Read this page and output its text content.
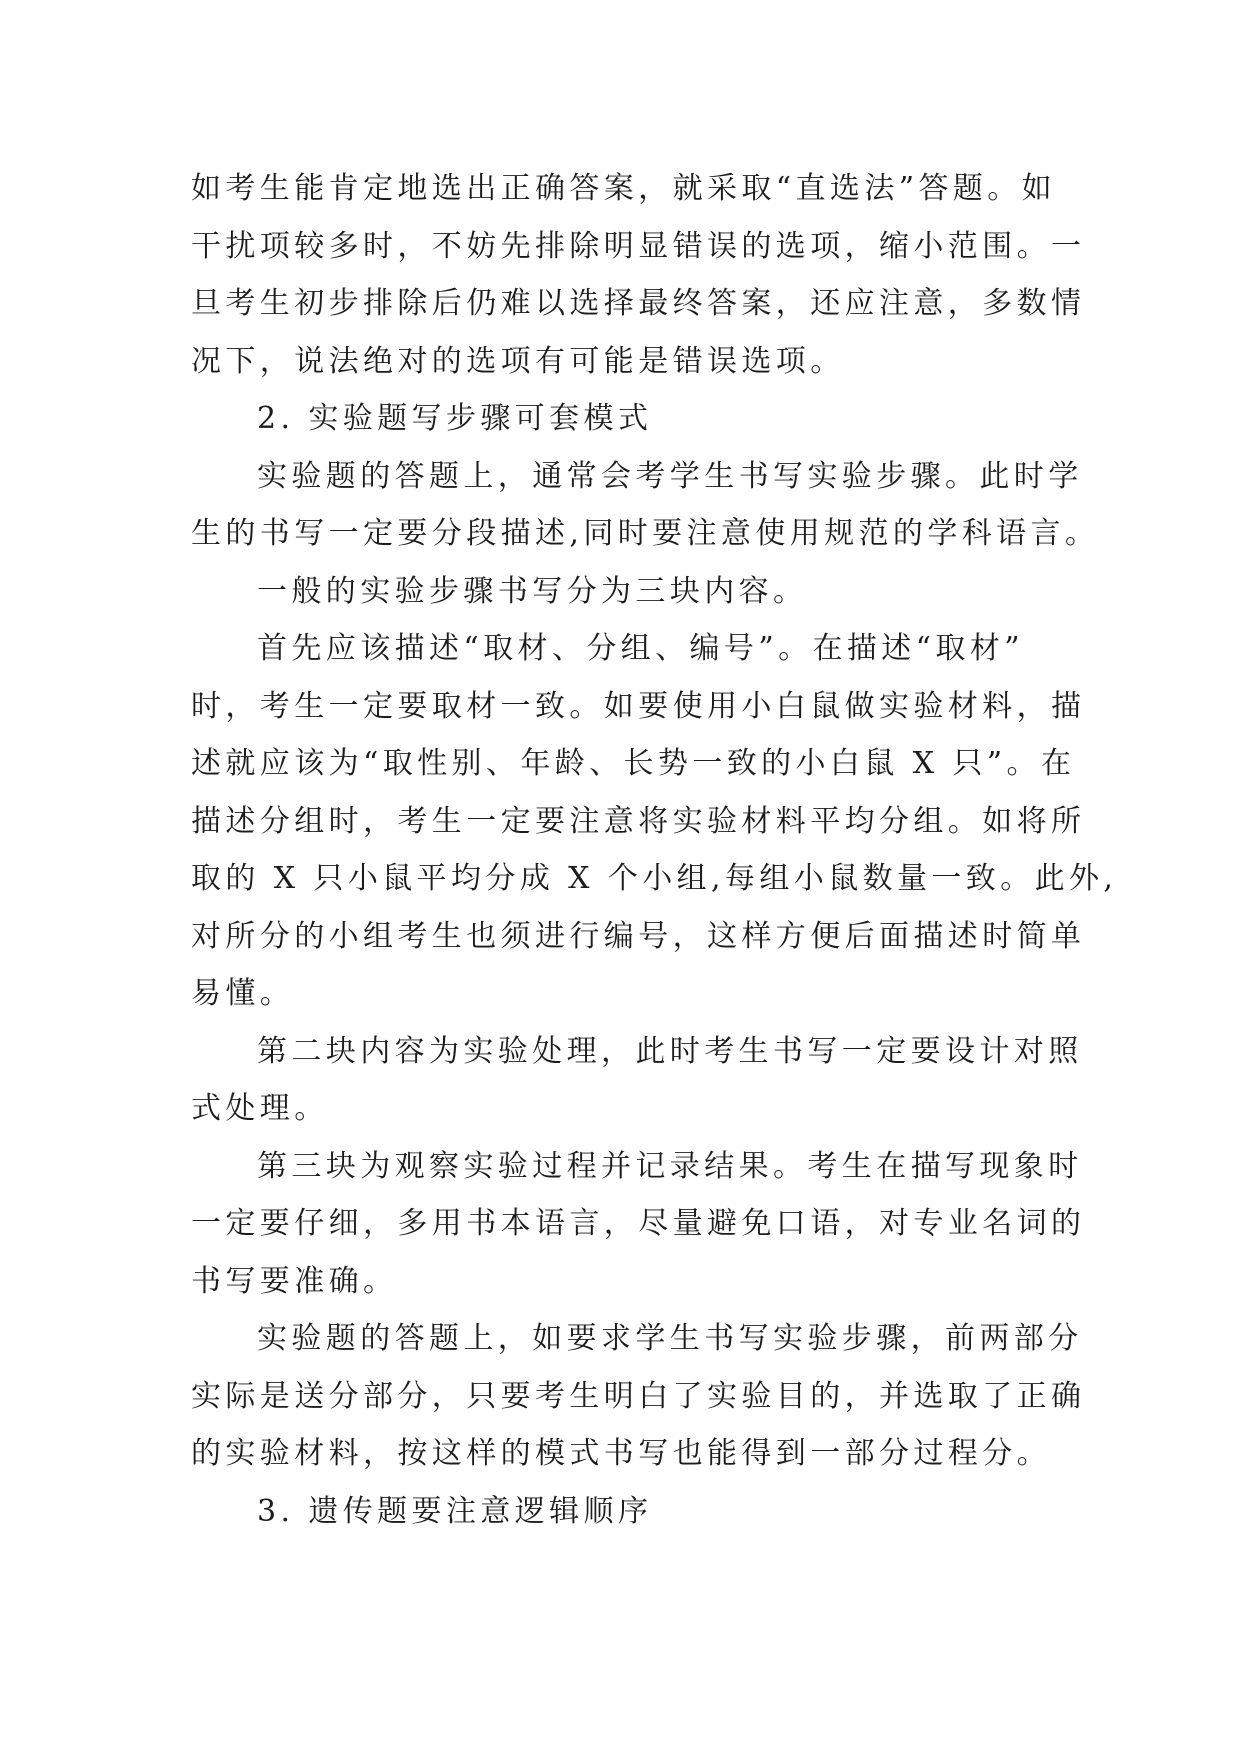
如考生能肯定地选出正确答案，就采取“直选法”答题。如
干扰项较多时，不妨先排除明显错误的选项，缩小范围。一
旦考生初步排除后仍难以选择最终答案，还应注意，多数情
况下，说法绝对的选项有可能是错误选项。

2. 实验题写步骤可套模式

实验题的答题上，通常会考学生书写实验步骤。此时学
生的书写一定要分段描述,同时要注意使用规范的学科语言。

一般的实验步骤书写分为三块内容。

首先应该描述“取材、分组、编号”。在描述“取材”
时，考生一定要取材一致。如要使用小白鼠做实验材料，描
述就应该为“取性别、年龄、长势一致的小白鼠 X 只”。在
描述分组时，考生一定要注意将实验材料平均分组。如将所
取的 X 只小鼠平均分成 X 个小组,每组小鼠数量一致。此外,
对所分的小组考生也须进行编号，这样方便后面描述时简单
易懂。

第二块内容为实验处理，此时考生书写一定要设计对照
式处理。

第三块为观察实验过程并记录结果。考生在描写现象时
一定要仔细，多用书本语言，尽量避免口语，对专业名词的
书写要准确。

实验题的答题上，如要求学生书写实验步骤，前两部分
实际是送分部分，只要考生明白了实验目的，并选取了正确
的实验材料，按这样的模式书写也能得到一部分过程分。

3. 遗传题要注意逻辑顺序
